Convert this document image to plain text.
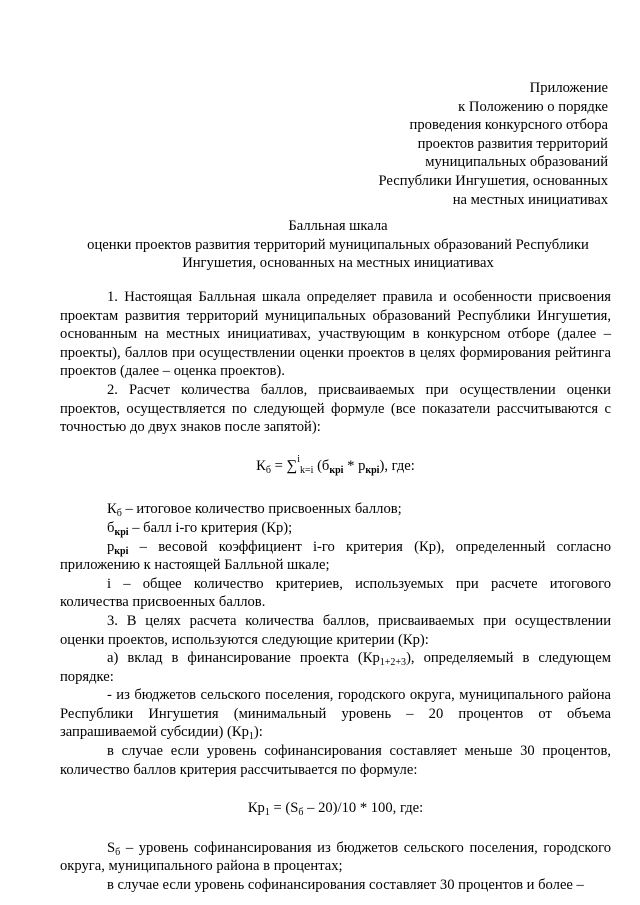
Приложение
к Положению о порядке
проведения конкурсного отбора
проектов развития территорий
муниципальных образований
Республики Ингушетия, основанных
на местных инициативах
Балльная шкала
оценки проектов развития территорий муниципальных образований Республики
Ингушетия, основанных на местных инициативах

1. Настоящая Балльная шкала определяет правила и особенности присвоения проектам развития территорий муниципальных образований Республики Ингушетия, основанным на местных инициативах, участвующим в конкурсном отборе (далее – проекты), баллов при осуществлении оценки проектов в целях формирования рейтинга проектов (далее – оценка проектов).

2. Расчет количества баллов, присваиваемых при осуществлении оценки проектов, осуществляется по следующей формуле (все показатели рассчитываются с точностью до двух знаков после запятой):

$К_б = \sum^i_{k=i}$ $(б_{крi} * р_{крi})$, где:

$К_б$ – итоговое количество присвоенных баллов;

$б_{крi}$ – балл i-го критерия (Кр);

$р_{крi}$ – весовой коэффициент i-го критерия (Кр), определенный согласно приложению к настоящей Балльной шкале;

i – общее количество критериев, используемых при расчете итогового количества присвоенных баллов.

3. В целях расчета количества баллов, присваиваемых при осуществлении оценки проектов, используются следующие критерии (Кр):

а) вклад в финансирование проекта $(Кр_{1+2+3})$, определяемый в следующем порядке:

- из бюджетов сельского поселения, городского округа, муниципального района Республики Ингушетия (минимальный уровень – 20 процентов от объема запрашиваемой субсидии) $(Кр_1)$:

в случае если уровень софинансирования составляет меньше 30 процентов, количество баллов критерия рассчитывается по формуле:

$Кр_1 = (S_б - 20)/10 * 100$, где:

$S_б$ – уровень софинансирования из бюджетов сельского поселения, городского округа, муниципального района в процентах;

в случае если уровень софинансирования составляет 30 процентов и более –
